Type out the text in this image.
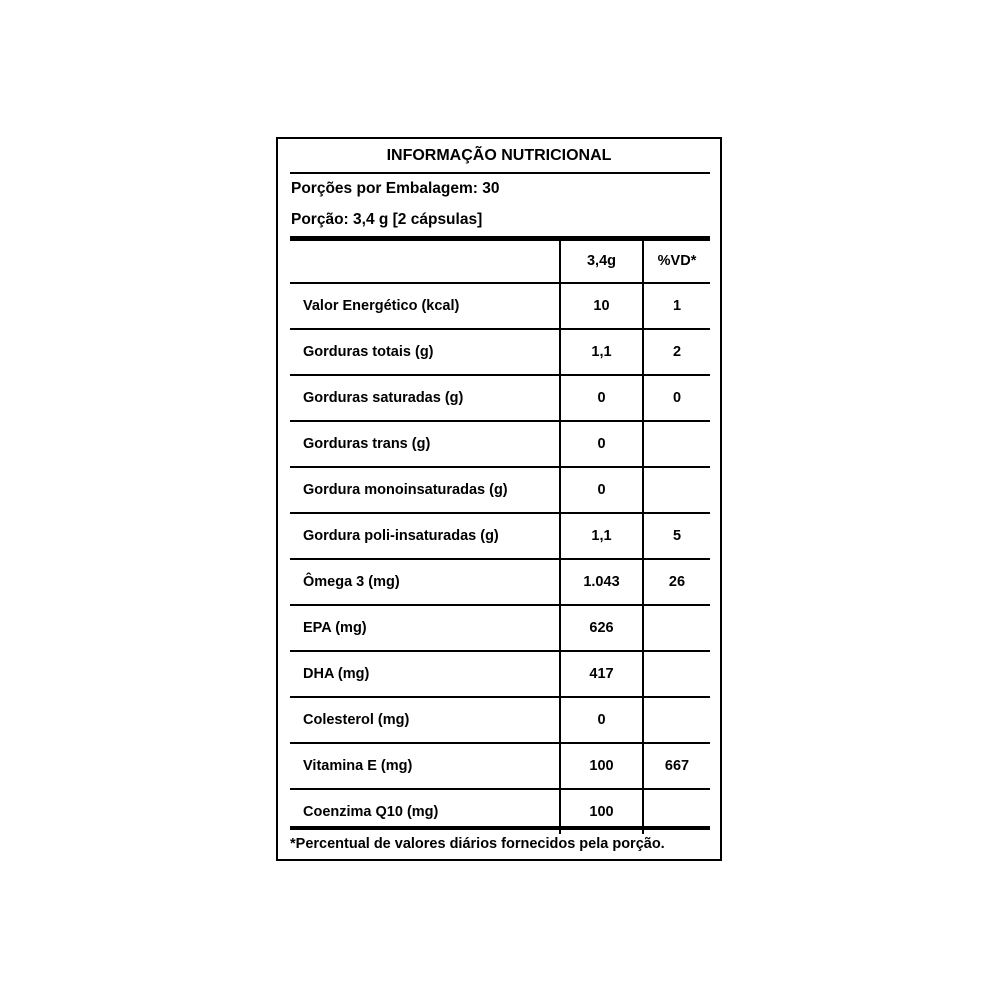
INFORMAÇÃO NUTRICIONAL
Porções por Embalagem: 30
Porção: 3,4 g [2 cápsulas]
	3,4g	%VD*
Valor Energético (kcal)	10	1
Gorduras totais (g)	1,1	2
Gorduras saturadas (g)	0	0
Gorduras trans (g)	0	
Gordura monoinsaturadas (g)	0	
Gordura poli-insaturadas (g)	1,1	5
Ômega 3 (mg)	1.043	26
EPA (mg)	626	
DHA (mg)	417	
Colesterol (mg)	0	
Vitamina E (mg)	100	667
Coenzima Q10 (mg)	100	
*Percentual de valores diários fornecidos pela porção.
